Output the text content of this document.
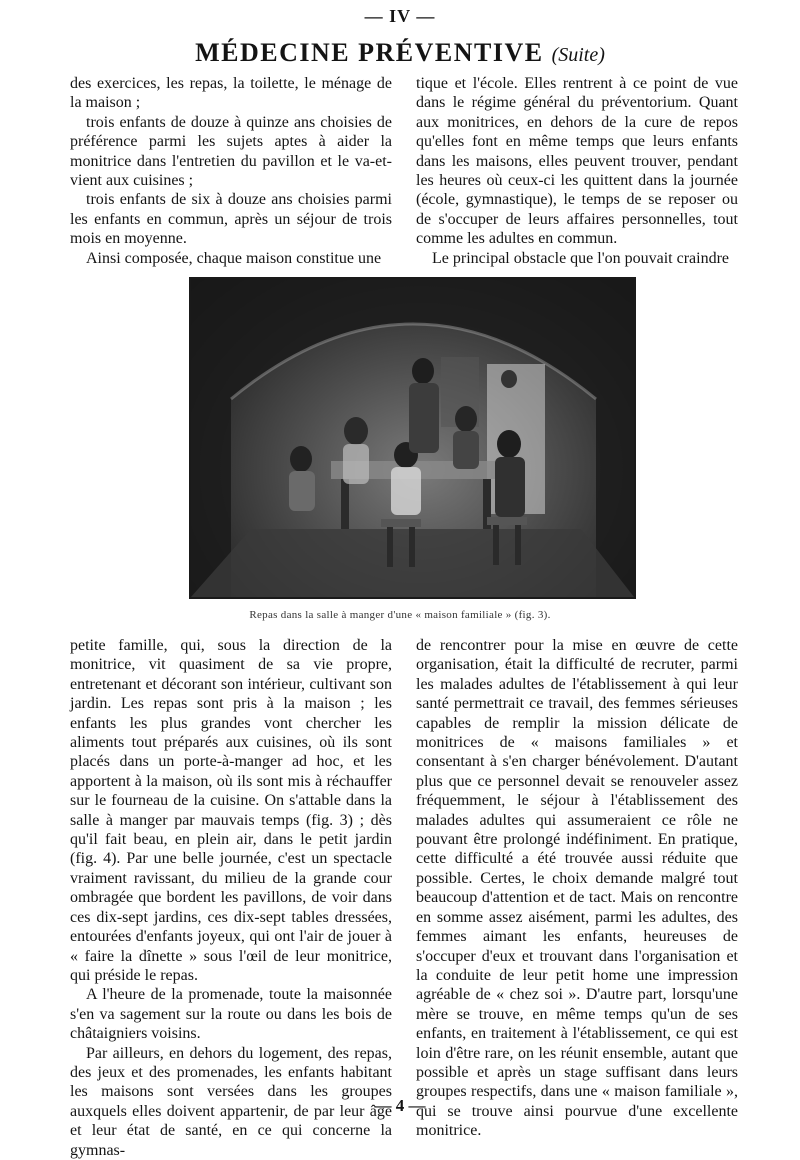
— IV —
MÉDECINE PRÉVENTIVE (Suite)

des exercices, les repas, la toilette, le ménage de la maison ;

trois enfants de douze à quinze ans choisies de préférence parmi les sujets aptes à aider la monitrice dans l'entretien du pavillon et le va-et-vient aux cuisines ;

trois enfants de six à douze ans choisies parmi les enfants en commun, après un séjour de trois mois en moyenne.

Ainsi composée, chaque maison constitue une

tique et l'école. Elles rentrent à ce point de vue dans le régime général du préventorium. Quant aux monitrices, en dehors de la cure de repos qu'elles font en même temps que leurs enfants dans les maisons, elles peuvent trouver, pendant les heures où ceux-ci les quittent dans la journée (école, gymnastique), le temps de se reposer ou de s'occuper de leurs affaires personnelles, tout comme les adultes en commun.

Le principal obstacle que l'on pouvait craindre

Repas dans la salle à manger d'une « maison familiale » (fig. 3).

petite famille, qui, sous la direction de la monitrice, vit quasiment de sa vie propre, entretenant et décorant son intérieur, cultivant son jardin. Les repas sont pris à la maison ; les enfants les plus grandes vont chercher les aliments tout préparés aux cuisines, où ils sont placés dans un porte-à-manger ad hoc, et les apportent à la maison, où ils sont mis à réchauffer sur le fourneau de la cuisine. On s'attable dans la salle à manger par mauvais temps (fig. 3) ; dès qu'il fait beau, en plein air, dans le petit jardin (fig. 4). Par une belle journée, c'est un spectacle vraiment ravissant, du milieu de la grande cour ombragée que bordent les pavillons, de voir dans ces dix-sept jardins, ces dix-sept tables dressées, entourées d'enfants joyeux, qui ont l'air de jouer à « faire la dînette » sous l'œil de leur monitrice, qui préside le repas.

A l'heure de la promenade, toute la maisonnée s'en va sagement sur la route ou dans les bois de châtaigniers voisins.

Par ailleurs, en dehors du logement, des repas, des jeux et des promenades, les enfants habitant les maisons sont versées dans les groupes auxquels elles doivent appartenir, de par leur âge et leur état de santé, en ce qui concerne la gymnas-

de rencontrer pour la mise en œuvre de cette organisation, était la difficulté de recruter, parmi les malades adultes de l'établissement à qui leur santé permettrait ce travail, des femmes sérieuses capables de remplir la mission délicate de monitrices de « maisons familiales » et consentant à s'en charger bénévolement. D'autant plus que ce personnel devait se renouveler assez fréquemment, le séjour à l'établissement des malades adultes qui assumeraient ce rôle ne pouvant être prolongé indéfiniment. En pratique, cette difficulté a été trouvée aussi réduite que possible. Certes, le choix demande malgré tout beaucoup d'attention et de tact. Mais on rencontre en somme assez aisément, parmi les adultes, des femmes aimant les enfants, heureuses de s'occuper d'eux et trouvant dans l'organisation et la conduite de leur petit home une impression agréable de « chez soi ». D'autre part, lorsqu'une mère se trouve, en même temps qu'un de ses enfants, en traitement à l'établissement, ce qui est loin d'être rare, on les réunit ensemble, autant que possible et après un stage suffisant dans leurs groupes respectifs, dans une « maison familiale », qui se trouve ainsi pourvue d'une excellente monitrice.

— 4 —
